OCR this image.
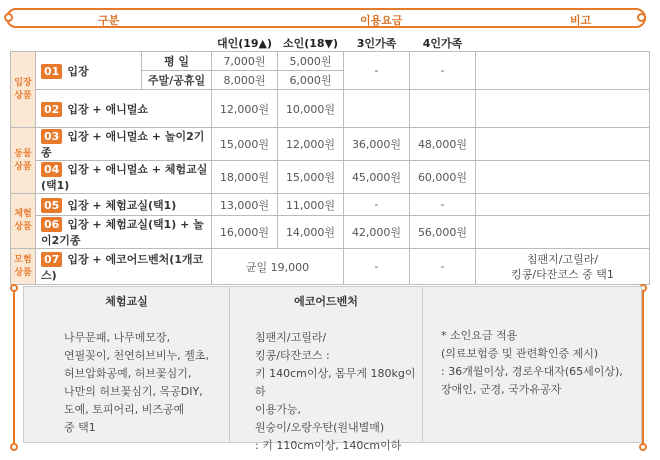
구분	이용요금	비고
			대인(19▲)	소인(18▼)	3인가족	4인가족	
입장 상품	01 입장	평 일	7,000원	5,000원	-	-	
		주말/공휴일	8,000원	6,000원			
	02 입장 + 애니멀쇼		12,000원	10,000원			
동물 상품	03 입장 + 애니멀쇼 + 놀이2기종		15,000원	12,000원	36,000원	48,000원	
	04 입장 + 애니멀쇼 + 체험교실(택1)		18,000원	15,000원	45,000원	60,000원	
체험 상품	05 입장 + 체험교실(택1)		13,000원	11,000원	-	-	
	06 입장 + 체험교실(택1) + 놀이2기종		16,000원	14,000원	42,000원	56,000원	
모험 상품	07 입장 + 에코어드벤처(1개코스)		균일 19,000		-	-	침팬지/고릴라/
킹콩/타잔코스 중 택1
체험교실
나무문패, 나무메모장,
연필꽂이, 천연허브비누, 젤초,
허브압화공예, 허브꽃심기,
나만의 허브꽃심기, 목공DIY,
도예, 토피어리, 비즈공예
중 택1
에코어드벤처
침팬지/고릴라/
킹콩/타잔코스 :
키 140cm이상, 몸무게 180kg이하
이용가능,
원숭이/오랑우탄(원내별매)
: 키 110cm이상, 140cm이하
* 소인요금 적용
(의료보험증 및 관련확인증 제시)
: 36개월이상, 경로우대자(65세이상),
장애인, 군경, 국가유공자
